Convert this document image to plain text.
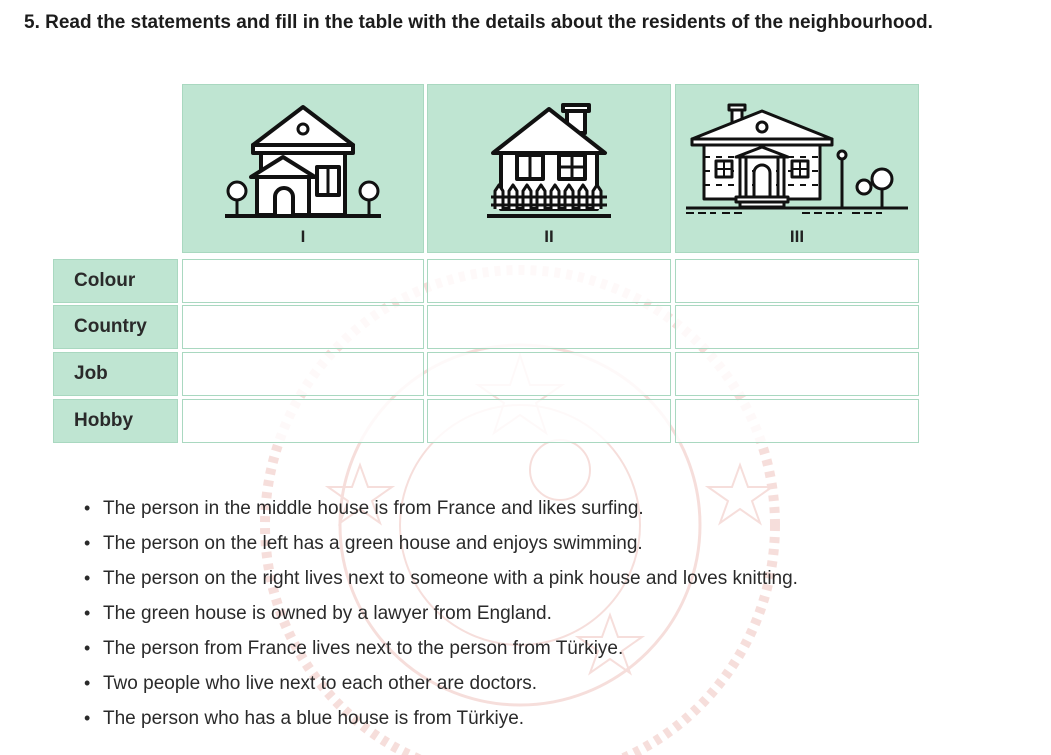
5. Read the statements and fill in the table with the details about the residents of the neighbourhood.
I	II	III
Colour
Country
Job
Hobby
• The person in the middle house is from France and likes surfing.
• The person on the left has a green house and enjoys swimming.
• The person on the right lives next to someone with a pink house and loves knitting.
• The green house is owned by a lawyer from England.
• The person from France lives next to the person from Türkiye.
• Two people who live next to each other are doctors.
• The person who has a blue house is from Türkiye.
